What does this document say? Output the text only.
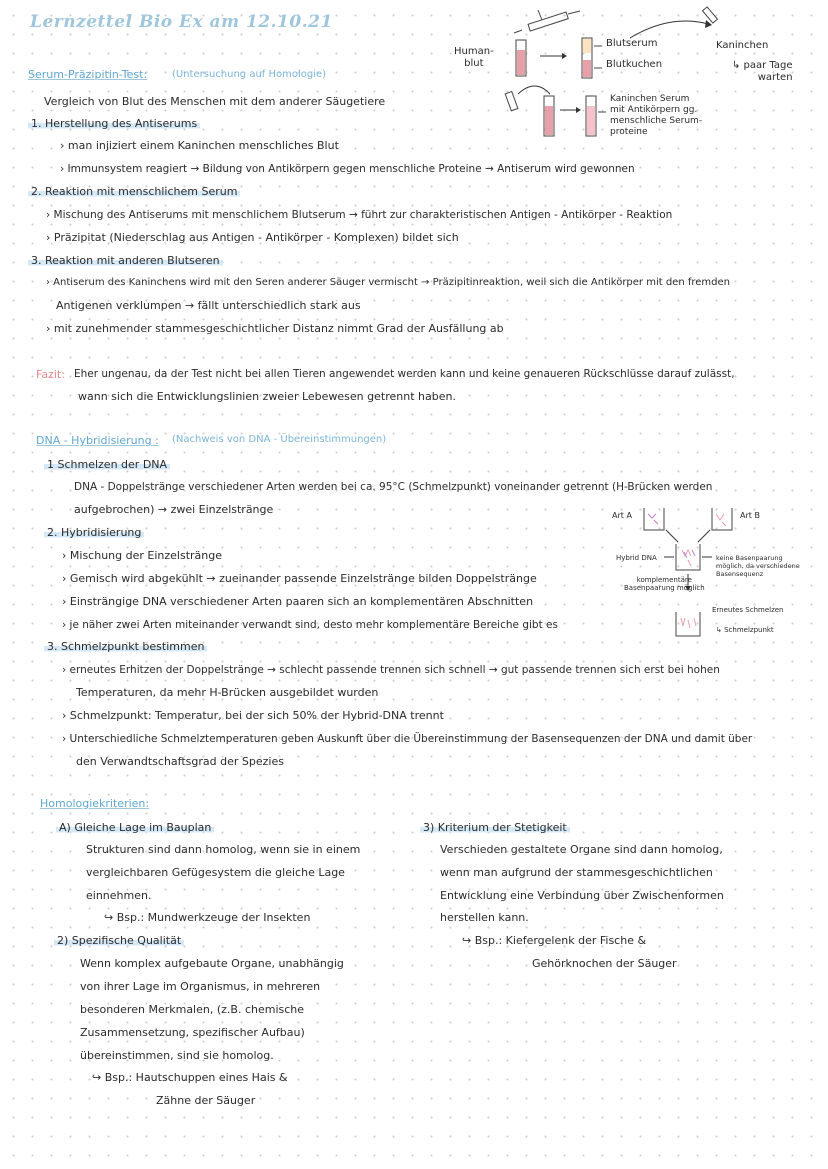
Lernzettel Bio Ex am 12.10.21
Human-
blut
Blutserum
Blutkuchen
Kaninchen
↳ paar Tage
warten
Kaninchen Serum
mit Antikörpern gg.
menschliche Serum-
proteine
Serum-Präzipitin-Test: (Untersuchung auf Homologie)
Vergleich von Blut des Menschen mit dem anderer Säugetiere
1. Herstellung des Antiserums
› man injiziert einem Kaninchen menschliches Blut
› Immunsystem reagiert → Bildung von Antikörpern gegen menschliche Proteine → Antiserum wird gewonnen
2. Reaktion mit menschlichem Serum
› Mischung des Antiserums mit menschlichem Blutserum → führt zur charakteristischen Antigen - Antikörper - Reaktion
› Präzipitat (Niederschlag aus Antigen - Antikörper - Komplexen) bildet sich
3. Reaktion mit anderen Blutseren
› Antiserum des Kaninchens wird mit den Seren anderer Säuger vermischt → Präzipitinreaktion, weil sich die Antikörper mit den fremden
Antigenen verklumpen → fällt unterschiedlich stark aus
› mit zunehmender stammesgeschichtlicher Distanz nimmt Grad der Ausfällung ab
Fazit: Eher ungenau, da der Test nicht bei allen Tieren angewendet werden kann und keine genaueren Rückschlüsse darauf zulässt,
wann sich die Entwicklungslinien zweier Lebewesen getrennt haben.
DNA - Hybridisierung : (Nachweis von DNA - Übereinstimmungen)
1 Schmelzen der DNA
DNA - Doppelstränge verschiedener Arten werden bei ca. 95°C (Schmelzpunkt) voneinander getrennt (H-Brücken werden
aufgebrochen) → zwei Einzelstränge
2. Hybridisierung
› Mischung der Einzelstränge
› Gemisch wird abgekühlt → zueinander passende Einzelstränge bilden Doppelstränge
› Einsträngige DNA verschiedener Arten paaren sich an komplementären Abschnitten
› je näher zwei Arten miteinander verwandt sind, desto mehr komplementäre Bereiche gibt es
3. Schmelzpunkt bestimmen
› erneutes Erhitzen der Doppelstränge → schlecht passende trennen sich schnell → gut passende trennen sich erst bei hohen
Temperaturen, da mehr H-Brücken ausgebildet wurden
› Schmelzpunkt: Temperatur, bei der sich 50% der Hybrid-DNA trennt
› Unterschiedliche Schmelztemperaturen geben Auskunft über die Übereinstimmung der Basensequenzen der DNA und damit über
den Verwandtschaftsgrad der Spezies
Art A	Art B
Hybrid DNA	keine Basenpaarung
möglich, da verschiedene
Basensequenz
komplementäre
Basenpaarung möglich
Erneutes Schmelzen
↳ Schmelzpunkt
Homologiekriterien:
A) Gleiche Lage im Bauplan
Strukturen sind dann homolog, wenn sie in einem
vergleichbaren Gefügesystem die gleiche Lage
einnehmen.
↪ Bsp.: Mundwerkzeuge der Insekten
2) Spezifische Qualität
Wenn komplex aufgebaute Organe, unabhängig
von ihrer Lage im Organismus, in mehreren
besonderen Merkmalen, (z.B. chemische
Zusammensetzung, spezifischer Aufbau)
übereinstimmen, sind sie homolog.
↪ Bsp.: Hautschuppen eines Hais &
Zähne der Säuger
3) Kriterium der Stetigkeit
Verschieden gestaltete Organe sind dann homolog,
wenn man aufgrund der stammesgeschichtlichen
Entwicklung eine Verbindung über Zwischenformen
herstellen kann.
↪ Bsp.: Kiefergelenk der Fische &
Gehörknochen der Säuger
